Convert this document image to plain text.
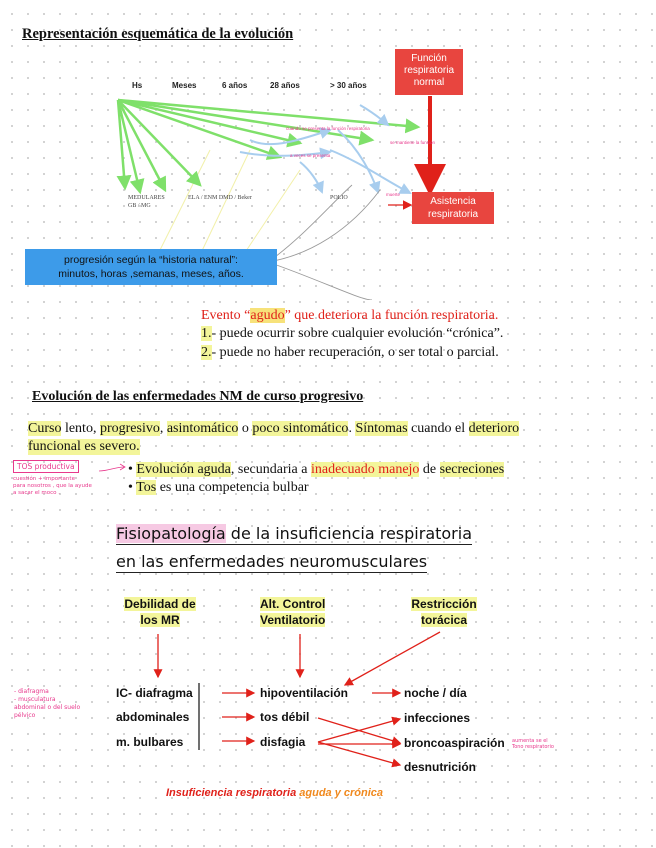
Representación esquemática de la evolución
Hs	Meses	6 años	28 años	> 30 años
MEDULARES
GB / MG
ELA / ENM DMD / Beker	POLIO
cuando se presenta la función respiratoria
a veces se presenta
se mantiene la función
muerte
Función
respiratoria
normal
Asistencia
respiratoria
progresión según la “historia natural”:
minutos, horas ,semanas, meses, años.
Evento “agudo” que deteriora la función respiratoria.
1.- puede ocurrir sobre cualquier evolución “crónica”.
2.- puede no haber recuperación, o ser total o parcial.
Evolución de las enfermedades NM de curso progresivo
Curso lento, progresivo, asintomático o poco sintomático. Síntomas cuando el deterioro
funcional es severo.
TOS productiva
cuestión + importante
para nosotros , que la ayude
a sacar el moco .
• Evolución aguda, secundaria a inadecuado manejo de secreciones
• Tos es una competencia bulbar
Fisiopatología de la insuficiencia respiratoria
en las enfermedades neuromusculares
Debilidad de
los MR
Alt. Control
Ventilatorio
Restricción
torácica
IC- diafragma
abdominales
m. bulbares
hipoventilación
tos débil
disfagia
noche / día
infecciones
broncoaspiración
desnutrición
- diafragma
- musculatura
abdominal o del suelo
pélvico
aumenta se el
Tono respiratorio
Insuficiencia respiratoria aguda y crónica
